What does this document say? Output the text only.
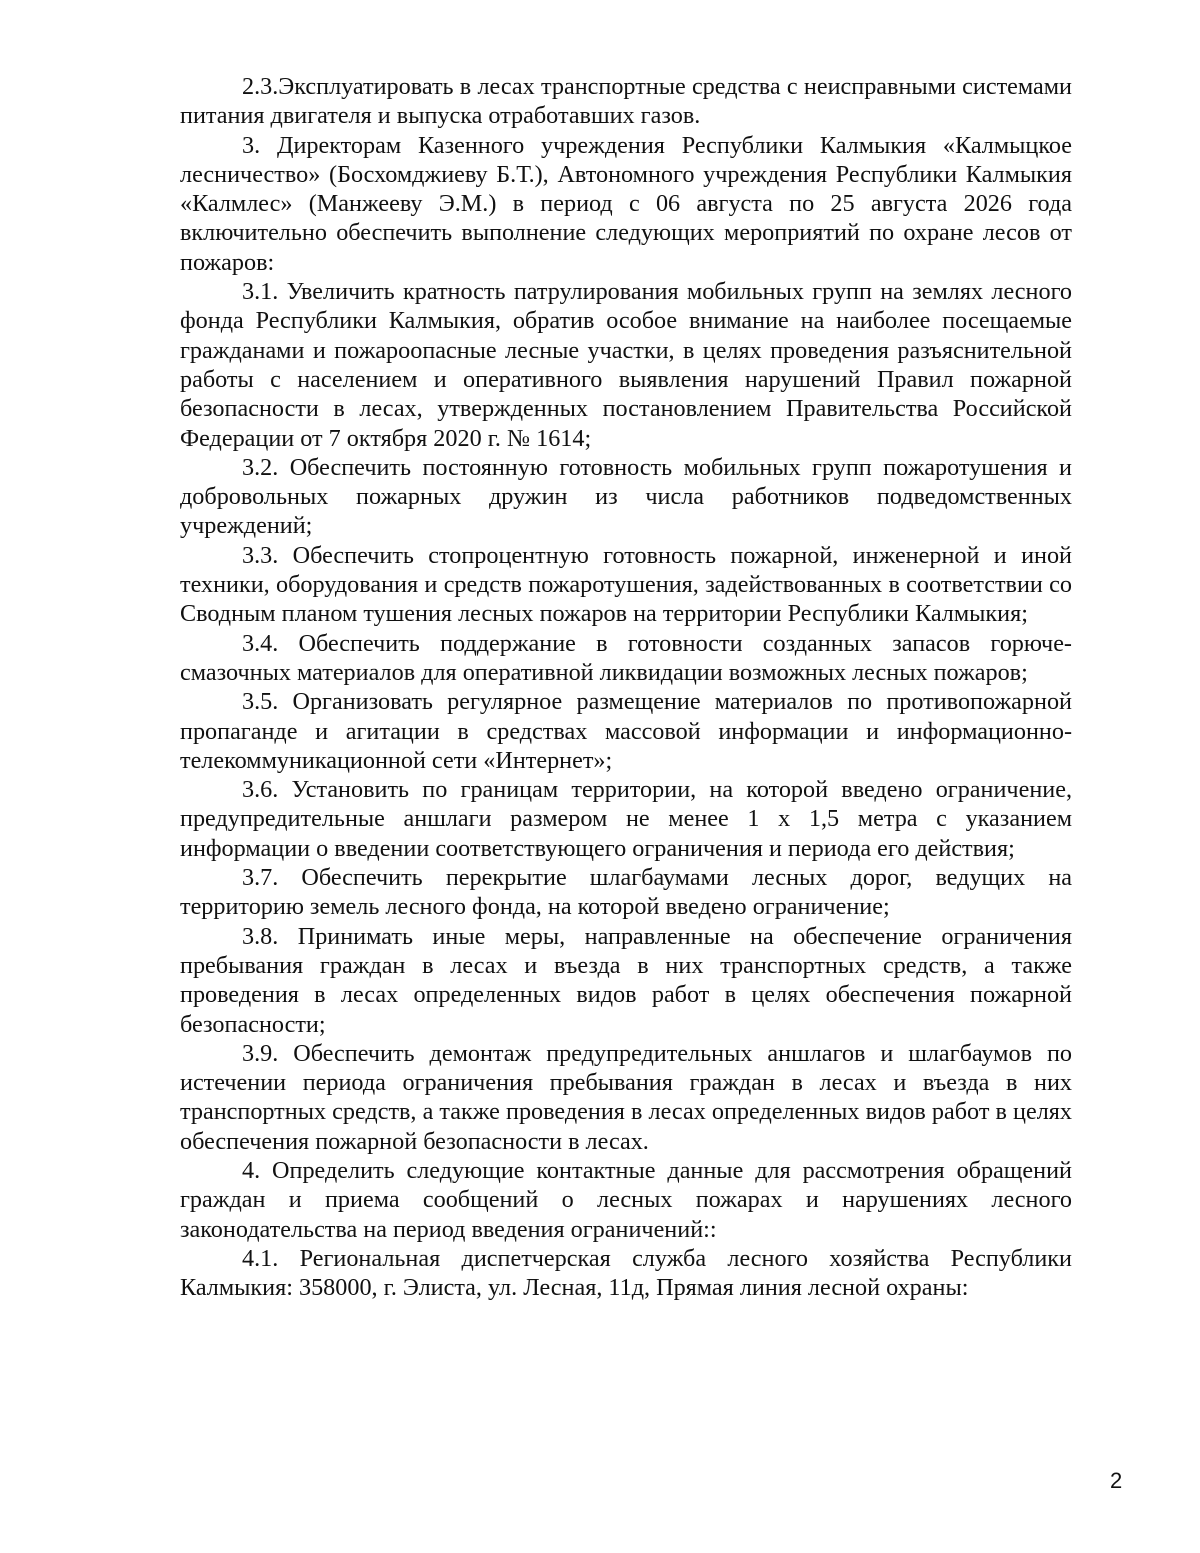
2.3.Эксплуатировать в лесах транспортные средства с неисправными системами питания двигателя и выпуска отработавших газов.

3. Директорам Казенного учреждения Республики Калмыкия «Калмыцкое лесничество» (Босхомджиеву Б.Т.), Автономного учреждения Республики Калмыкия «Калмлес» (Манжееву Э.М.) в период с 06 августа по 25 августа 2026 года включительно обеспечить выполнение следующих мероприятий по охране лесов от пожаров:

3.1. Увеличить кратность патрулирования мобильных групп на землях лесного фонда Республики Калмыкия, обратив особое внимание на наиболее посещаемые гражданами и пожароопасные лесные участки, в целях проведения разъяснительной работы с населением и оперативного выявления нарушений Правил пожарной безопасности в лесах, утвержденных постановлением Правительства Российской Федерации от 7 октября 2020 г. № 1614;

3.2. Обеспечить постоянную готовность мобильных групп пожаротушения и добровольных пожарных дружин из числа работников подведомственных учреждений;

3.3. Обеспечить стопроцентную готовность пожарной, инженерной и иной техники, оборудования и средств пожаротушения, задействованных в соответствии со Сводным планом тушения лесных пожаров на территории Республики Калмыкия;

3.4. Обеспечить поддержание в готовности созданных запасов горюче-смазочных материалов для оперативной ликвидации возможных лесных пожаров;

3.5. Организовать регулярное размещение материалов по противопожарной пропаганде и агитации в средствах массовой информации и информационно-телекоммуникационной сети «Интернет»;

3.6. Установить по границам территории, на которой введено ограничение, предупредительные аншлаги размером не менее 1 х 1,5 метра с указанием информации о введении соответствующего ограничения и периода его действия;

3.7. Обеспечить перекрытие шлагбаумами лесных дорог, ведущих на территорию земель лесного фонда, на которой введено ограничение;

3.8. Принимать иные меры, направленные на обеспечение ограничения пребывания граждан в лесах и въезда в них транспортных средств, а также проведения в лесах определенных видов работ в целях обеспечения пожарной безопасности;

3.9. Обеспечить демонтаж предупредительных аншлагов и шлагбаумов по истечении периода ограничения пребывания граждан в лесах и въезда в них транспортных средств, а также проведения в лесах определенных видов работ в целях обеспечения пожарной безопасности в лесах.

4. Определить следующие контактные данные для рассмотрения обращений граждан и приема сообщений о лесных пожарах и нарушениях лесного законодательства на период введения ограничений::

4.1. Региональная диспетчерская служба лесного хозяйства Республики Калмыкия: 358000, г. Элиста, ул. Лесная, 11д, Прямая линия лесной охраны:

2
